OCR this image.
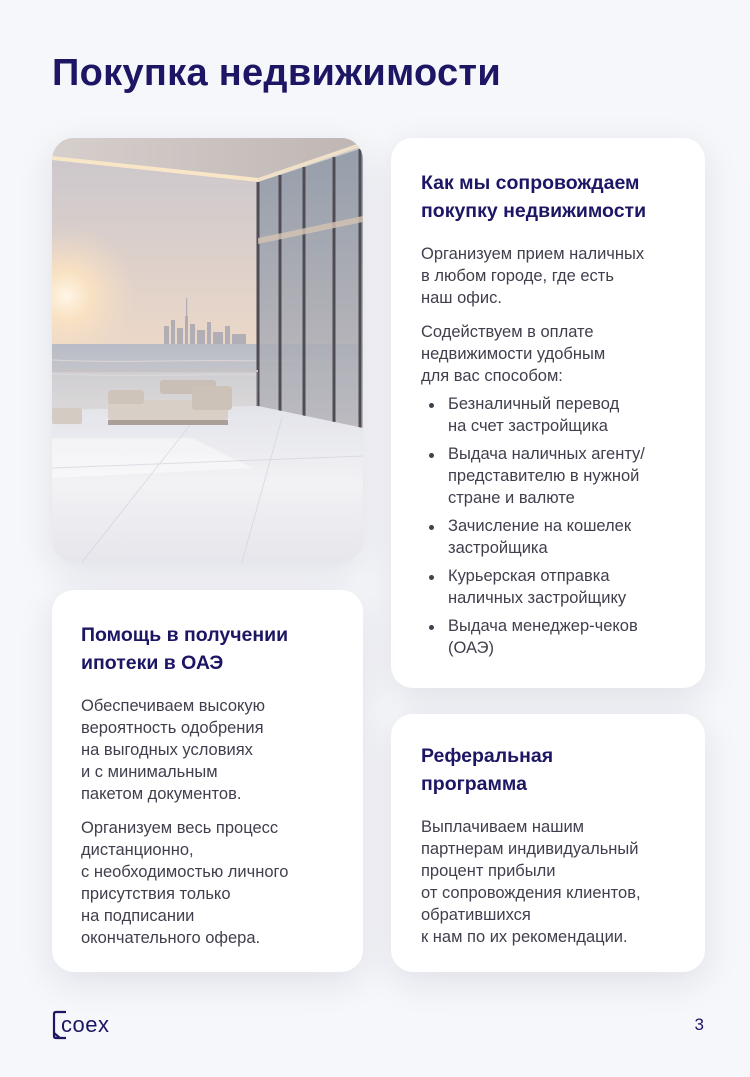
Покупка недвижимости
Как мы сопровождаем
покупку недвижимости

Организуем прием наличных
в любом городе, где есть
наш офис.

Содействуем в оплате
недвижимости удобным
для вас способом:

Безналичный перевод
на счет застройщика
Выдача наличных агенту/
представителю в нужной
стране и валюте
Зачисление на кошелек
застройщика
Курьерская отправка
наличных застройщику
Выдача менеджер-чеков
(ОАЭ)
Помощь в получении
ипотеки в ОАЭ

Обеспечиваем высокую
вероятность одобрения
на выгодных условиях
и с минимальным
пакетом документов.

Организуем весь процесс
дистанционно,
с необходимостью личного
присутствия только
на подписании
окончательного офера.

Реферальная
программа

Выплачиваем нашим
партнерам индивидуальный
процент прибыли
от сопровождения клиентов,
обратившихся
к нам по их рекомендации.

coex	3
